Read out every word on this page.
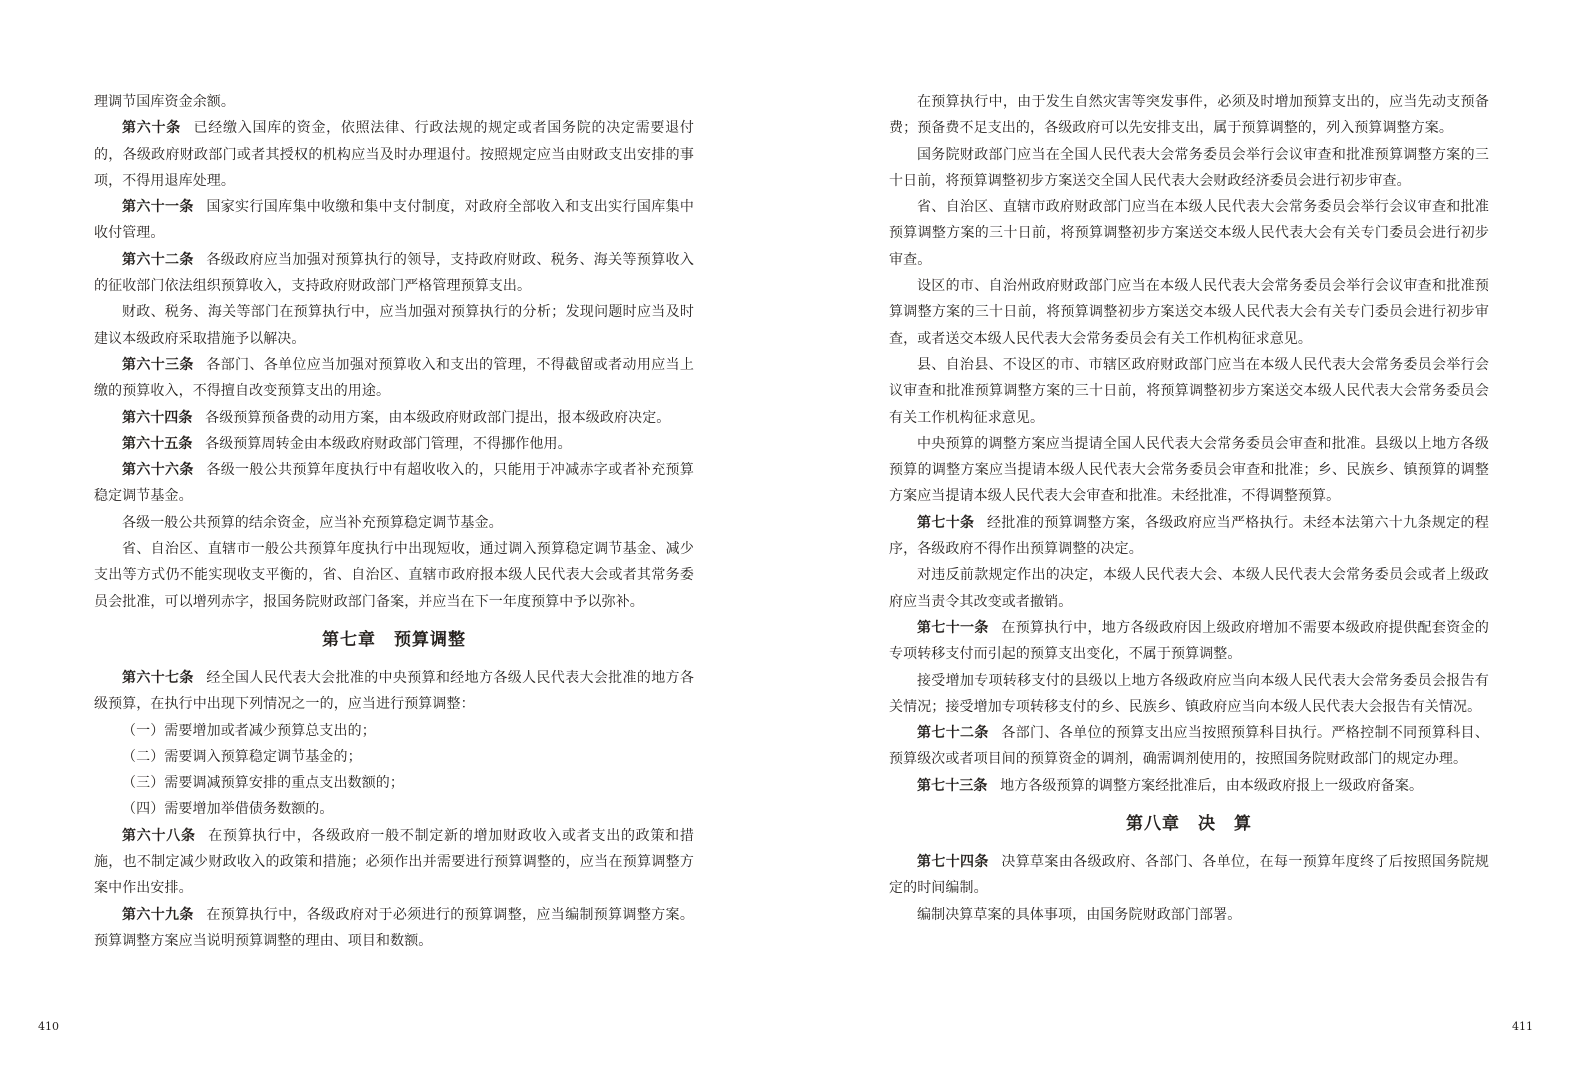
理调节国库资金余额。

第六十条 已经缴入国库的资金，依照法律、行政法规的规定或者国务院的决定需要退付的，各级政府财政部门或者其授权的机构应当及时办理退付。按照规定应当由财政支出安排的事项，不得用退库处理。

第六十一条 国家实行国库集中收缴和集中支付制度，对政府全部收入和支出实行国库集中收付管理。

第六十二条 各级政府应当加强对预算执行的领导，支持政府财政、税务、海关等预算收入的征收部门依法组织预算收入，支持政府财政部门严格管理预算支出。

财政、税务、海关等部门在预算执行中，应当加强对预算执行的分析；发现问题时应当及时建议本级政府采取措施予以解决。

第六十三条 各部门、各单位应当加强对预算收入和支出的管理，不得截留或者动用应当上缴的预算收入，不得擅自改变预算支出的用途。

第六十四条 各级预算预备费的动用方案，由本级政府财政部门提出，报本级政府决定。

第六十五条 各级预算周转金由本级政府财政部门管理，不得挪作他用。

第六十六条 各级一般公共预算年度执行中有超收收入的，只能用于冲减赤字或者补充预算稳定调节基金。

各级一般公共预算的结余资金，应当补充预算稳定调节基金。

省、自治区、直辖市一般公共预算年度执行中出现短收，通过调入预算稳定调节基金、减少支出等方式仍不能实现收支平衡的，省、自治区、直辖市政府报本级人民代表大会或者其常务委员会批准，可以增列赤字，报国务院财政部门备案，并应当在下一年度预算中予以弥补。

第七章　预算调整

第六十七条 经全国人民代表大会批准的中央预算和经地方各级人民代表大会批准的地方各级预算，在执行中出现下列情况之一的，应当进行预算调整：

（一）需要增加或者减少预算总支出的；

（二）需要调入预算稳定调节基金的；

（三）需要调减预算安排的重点支出数额的；

（四）需要增加举借债务数额的。

第六十八条 在预算执行中，各级政府一般不制定新的增加财政收入或者支出的政策和措施，也不制定减少财政收入的政策和措施；必须作出并需要进行预算调整的，应当在预算调整方案中作出安排。

第六十九条 在预算执行中，各级政府对于必须进行的预算调整，应当编制预算调整方案。预算调整方案应当说明预算调整的理由、项目和数额。

410

在预算执行中，由于发生自然灾害等突发事件，必须及时增加预算支出的，应当先动支预备费；预备费不足支出的，各级政府可以先安排支出，属于预算调整的，列入预算调整方案。

国务院财政部门应当在全国人民代表大会常务委员会举行会议审查和批准预算调整方案的三十日前，将预算调整初步方案送交全国人民代表大会财政经济委员会进行初步审查。

省、自治区、直辖市政府财政部门应当在本级人民代表大会常务委员会举行会议审查和批准预算调整方案的三十日前，将预算调整初步方案送交本级人民代表大会有关专门委员会进行初步审查。

设区的市、自治州政府财政部门应当在本级人民代表大会常务委员会举行会议审查和批准预算调整方案的三十日前，将预算调整初步方案送交本级人民代表大会有关专门委员会进行初步审查，或者送交本级人民代表大会常务委员会有关工作机构征求意见。

县、自治县、不设区的市、市辖区政府财政部门应当在本级人民代表大会常务委员会举行会议审查和批准预算调整方案的三十日前，将预算调整初步方案送交本级人民代表大会常务委员会有关工作机构征求意见。

中央预算的调整方案应当提请全国人民代表大会常务委员会审查和批准。县级以上地方各级预算的调整方案应当提请本级人民代表大会常务委员会审查和批准；乡、民族乡、镇预算的调整方案应当提请本级人民代表大会审查和批准。未经批准，不得调整预算。

第七十条 经批准的预算调整方案，各级政府应当严格执行。未经本法第六十九条规定的程序，各级政府不得作出预算调整的决定。

对违反前款规定作出的决定，本级人民代表大会、本级人民代表大会常务委员会或者上级政府应当责令其改变或者撤销。

第七十一条 在预算执行中，地方各级政府因上级政府增加不需要本级政府提供配套资金的专项转移支付而引起的预算支出变化，不属于预算调整。

接受增加专项转移支付的县级以上地方各级政府应当向本级人民代表大会常务委员会报告有关情况；接受增加专项转移支付的乡、民族乡、镇政府应当向本级人民代表大会报告有关情况。

第七十二条 各部门、各单位的预算支出应当按照预算科目执行。严格控制不同预算科目、预算级次或者项目间的预算资金的调剂，确需调剂使用的，按照国务院财政部门的规定办理。

第七十三条 地方各级预算的调整方案经批准后，由本级政府报上一级政府备案。

第八章　决　算

第七十四条 决算草案由各级政府、各部门、各单位，在每一预算年度终了后按照国务院规定的时间编制。

编制决算草案的具体事项，由国务院财政部门部署。

411
